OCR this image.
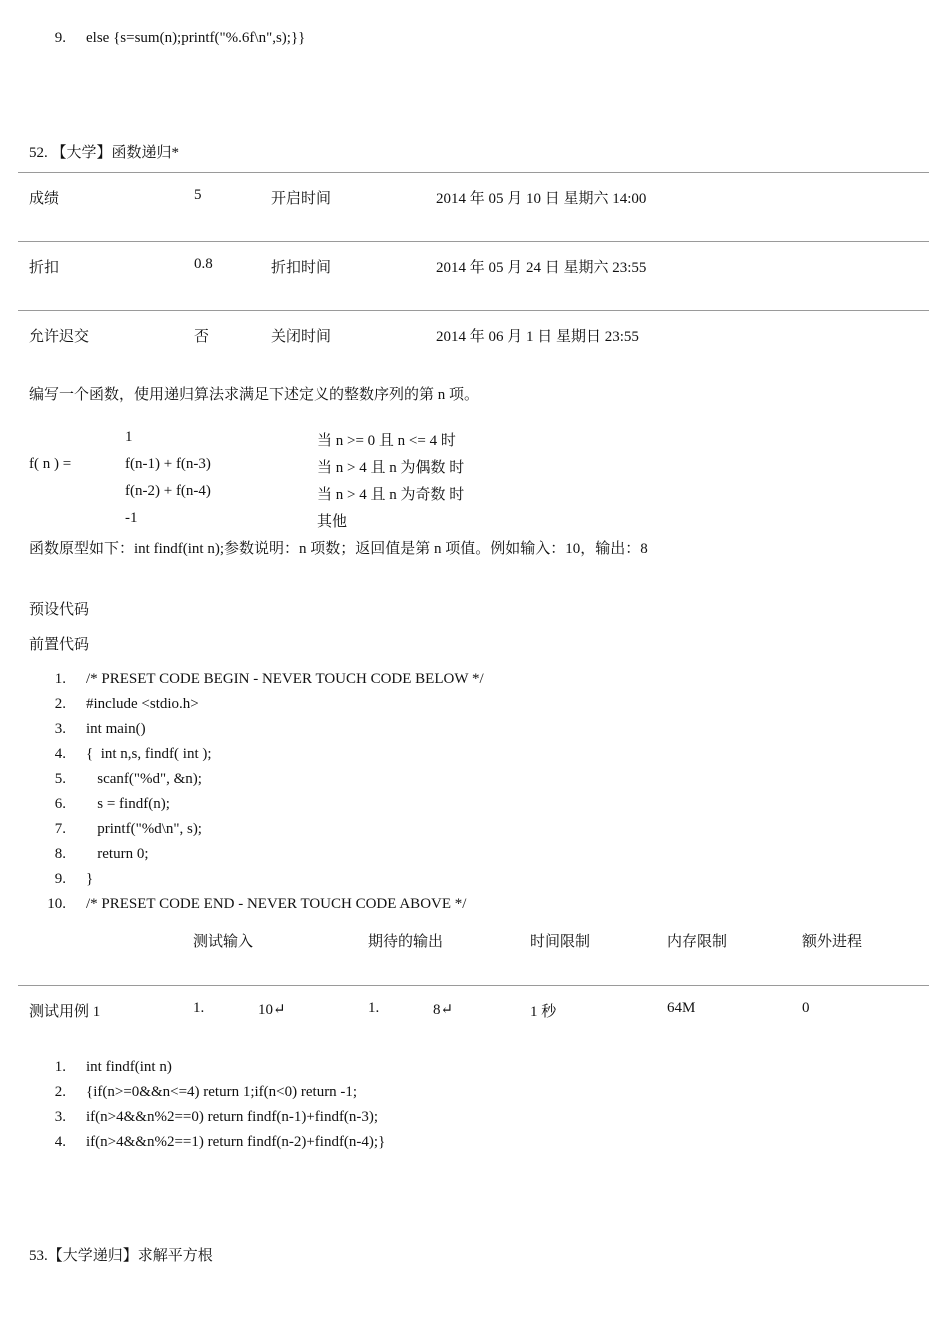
9. else {s=sum(n);printf("%.6f\n",s);}}
52. 【大学】函数递归*
成绩	5	开启时间	2014 年 05 月 10 日 星期六 14:00
折扣	0.8	折扣时间	2014 年 05 月 24 日 星期六 23:55
允许迟交	否	关闭时间	2014 年 06 月 1 日 星期日 23:55
编写一个函数，使用递归算法求满足下述定义的整数序列的第 n 项。
f( n ) =
1	当 n >= 0 且 n <= 4 时
f(n-1) + f(n-3)	当 n > 4 且 n 为偶数 时
f(n-2) + f(n-4)	当 n > 4 且 n 为奇数 时
-1	其他
函数原型如下：int findf(int n);参数说明：n 项数；返回值是第 n 项值。例如输入：10，输出：8
预设代码
前置代码
1. /* PRESET CODE BEGIN - NEVER TOUCH CODE BELOW */
2. #include <stdio.h>
3. int main()
4. {  int n,s, findf( int );
5. scanf("%d", &n);
6. s = findf(n);
7. printf("%d\n", s);
8. return 0;
9. }
10. /* PRESET CODE END - NEVER TOUCH CODE ABOVE */
测试输入	期待的输出	时间限制	内存限制	额外进程
测试用例 1	1.	10↵	1.	8↵	1 秒	64M	0
1. int findf(int n)
2. {if(n>=0&&n<=4) return 1;if(n<0) return -1;
3. if(n>4&&n%2==0) return findf(n-1)+findf(n-3);
4. if(n>4&&n%2==1) return findf(n-2)+findf(n-4);}
53.【大学递归】求解平方根
